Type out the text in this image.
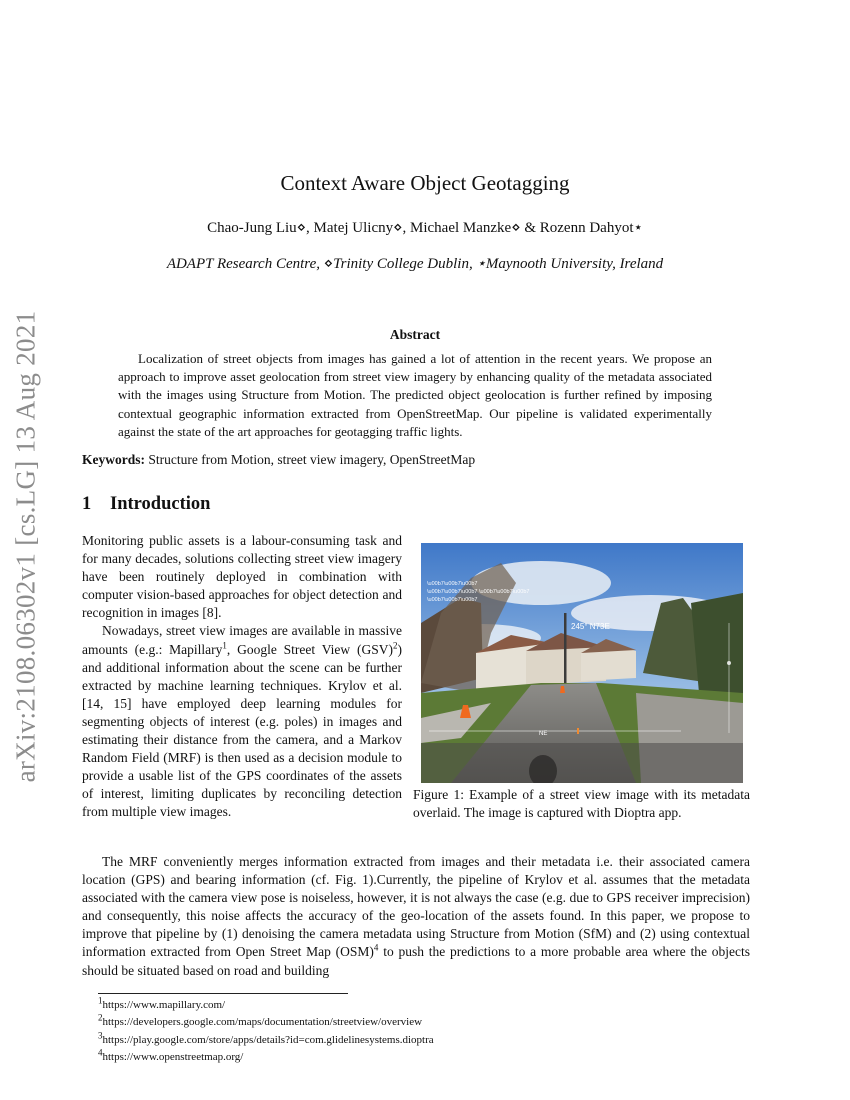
arXiv:2108.06302v1 [cs.LG] 13 Aug 2021
Context Aware Object Geotagging
Chao-Jung Liu⋄, Matej Ulicny⋄, Michael Manzke⋄ & Rozenn Dahyot⋆
ADAPT Research Centre, ⋄Trinity College Dublin, ⋆Maynooth University, Ireland
Abstract
Localization of street objects from images has gained a lot of attention in the recent years. We propose an approach to improve asset geolocation from street view imagery by enhancing quality of the metadata associated with the images using Structure from Motion. The predicted object geolocation is further refined by imposing contextual geographic information extracted from OpenStreetMap. Our pipeline is validated experimentally against the state of the art approaches for geotagging traffic lights.
Keywords: Structure from Motion, street view imagery, OpenStreetMap
1 Introduction

Monitoring public assets is a labour-consuming task and for many decades, solutions collecting street view imagery have been routinely deployed in combination with computer vision-based approaches for object detection and recognition in images [8].

Nowadays, street view images are available in massive amounts (e.g.: Mapillary$^1$, Google Street View (GSV)$^2$) and additional information about the scene can be further extracted by machine learning techniques. Krylov et al. [14, 15] have employed deep learning modules for segmenting objects of interest (e.g. poles) in images and estimating their distance from the camera, and a Markov Random Field (MRF) is then used as a decision module to provide a usable list of the GPS coordinates of the assets of interest, limiting duplicates by reconciling detection from multiple view images.

\u00b7\u00b7\u00b7
\u00b7\u00b7\u00b7 \u00b7\u00b7\u00b7
\u00b7\u00b7\u00b7
245° N73E
NE
Figure 1: Example of a street view image with its metadata overlaid. The image is captured with Dioptra app.
The MRF conveniently merges information extracted from images and their metadata i.e. their associated camera location (GPS) and bearing information (cf. Fig. 1).Currently, the pipeline of Krylov et al. assumes that the metadata associated with the camera view pose is noiseless, however, it is not always the case (e.g. due to GPS receiver imprecision) and consequently, this noise affects the accuracy of the geo-location of the assets found. In this paper, we propose to improve that pipeline by (1) denoising the camera metadata using Structure from Motion (SfM) and (2) using contextual information extracted from Open Street Map (OSM)$^4$ to push the predictions to a more probable area where the objects should be situated based on road and building
$^1$https://www.mapillary.com/
$^2$https://developers.google.com/maps/documentation/streetview/overview
$^3$https://play.google.com/store/apps/details?id=com.glidelinesystems.dioptra
$^4$https://www.openstreetmap.org/
